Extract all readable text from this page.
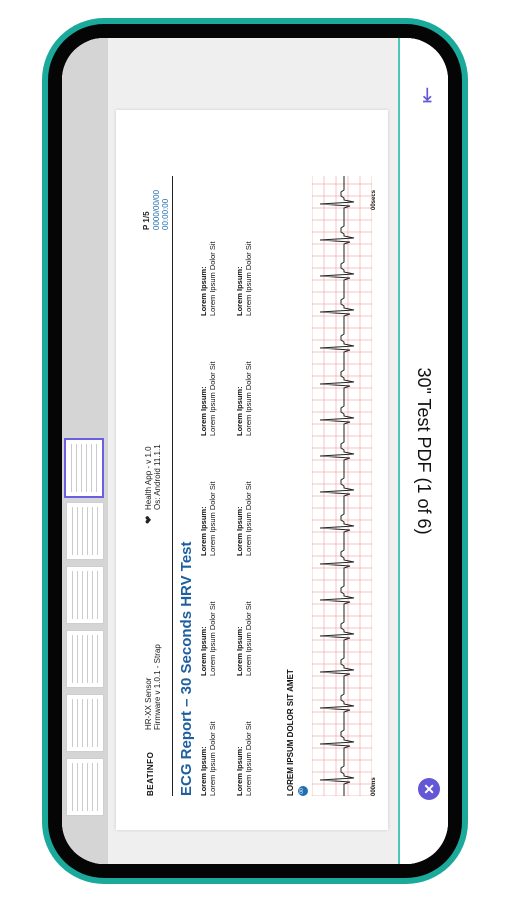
⇥
30" Test PDF (1 of 6)
✕
BEATINFO
HR-XX Sensor Firmware v 1.0.1 - Strap
❤
Health App - v 1.0 Os: Android 11.1.1
P 1/5 0000/00/00 00:00:00
ECG Report – 30 Seconds HRV Test Lorem Ipsum:
Lorem Ipsum Dolor Sit
Lorem Ipsum:
Lorem Ipsum Dolor Sit
Lorem Ipsum:
Lorem Ipsum Dolor Sit
Lorem Ipsum:
Lorem Ipsum Dolor Sit
Lorem Ipsum:
Lorem Ipsum Dolor Sit
Lorem Ipsum:
Lorem Ipsum Dolor Sit
Lorem Ipsum:
Lorem Ipsum Dolor Sit
Lorem Ipsum:
Lorem Ipsum Dolor Sit
Lorem Ipsum:
Lorem Ipsum Dolor Sit
Lorem Ipsum:
Lorem Ipsum Dolor Sit
LOREM IPSUM DOLOR SIT AMET 00	000ms
00secs
